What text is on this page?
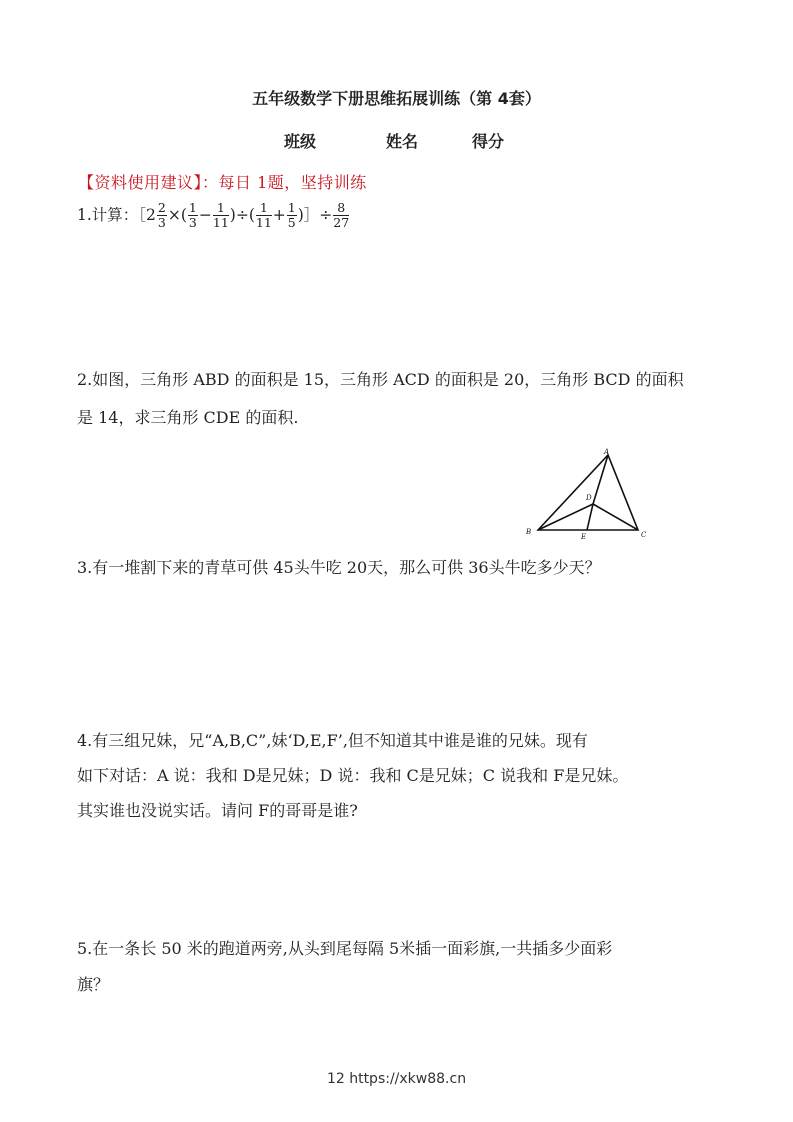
五年级数学下册思维拓展训练（第 4套）
班级	姓名	得分
【资料使用建议】：每日 1题，坚持训练
1.计算：［2 $\frac{2}{3}$ ×( $\frac{1}{3} - \frac{1}{11}$ )÷( $\frac{1}{11} + \frac{1}{5}$ )］÷ $\frac{8}{27}$
2.如图，三角形 ABD 的面积是 15，三角形 ACD 的面积是 20，三角形 BCD 的面积
是 14，求三角形 CDE 的面积.
A
B	C
D
E
3.有一堆割下来的青草可供 45头牛吃 20天，那么可供 36头牛吃多少天？
4.有三组兄妹，兄“A,B,C”,妹‘D,E,F’,但不知道其中谁是谁的兄妹。现有
如下对话：A 说：我和 D是兄妹；D 说：我和 C是兄妹；C 说我和 F是兄妹。
其实谁也没说实话。请问 F的哥哥是谁?
5.在一条长 50 米的跑道两旁,从头到尾每隔 5米插一面彩旗,一共插多少面彩
旗？
12 https://xkw88.cn
